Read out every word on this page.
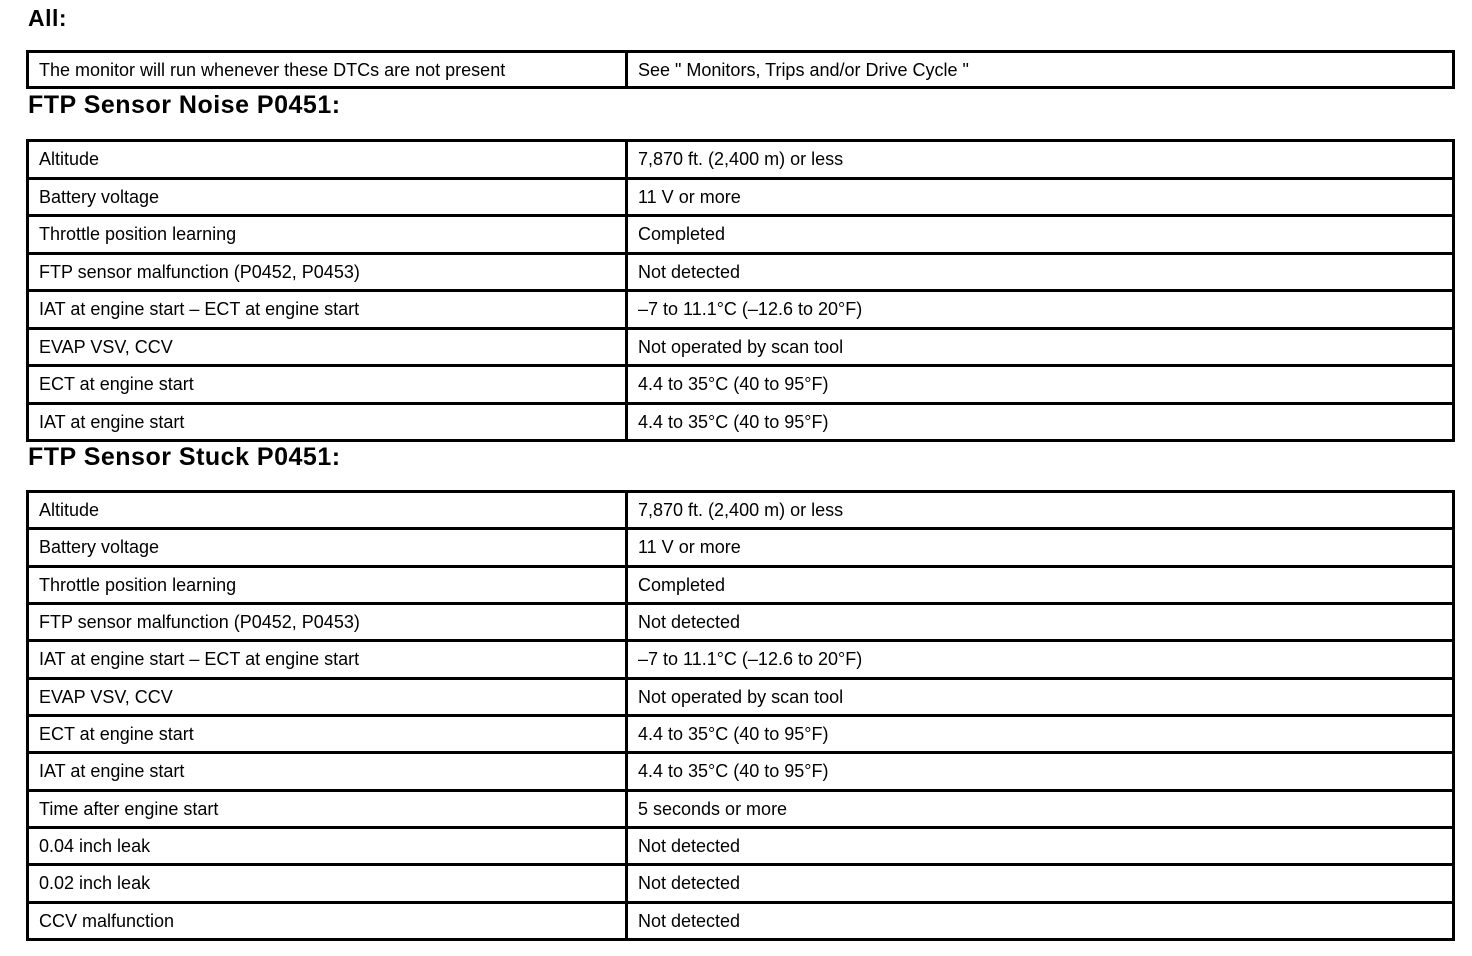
All:
The monitor will run whenever these DTCs are not present	See " Monitors, Trips and/or Drive Cycle "
FTP Sensor Noise P0451:
Altitude	7,870 ft. (2,400 m) or less
Battery voltage	11 V or more
Throttle position learning	Completed
FTP sensor malfunction (P0452, P0453)	Not detected
IAT at engine start – ECT at engine start	–7 to 11.1°C (–12.6 to 20°F)
EVAP VSV, CCV	Not operated by scan tool
ECT at engine start	4.4 to 35°C (40 to 95°F)
IAT at engine start	4.4 to 35°C (40 to 95°F)
FTP Sensor Stuck P0451:
Altitude	7,870 ft. (2,400 m) or less
Battery voltage	11 V or more
Throttle position learning	Completed
FTP sensor malfunction (P0452, P0453)	Not detected
IAT at engine start – ECT at engine start	–7 to 11.1°C (–12.6 to 20°F)
EVAP VSV, CCV	Not operated by scan tool
ECT at engine start	4.4 to 35°C (40 to 95°F)
IAT at engine start	4.4 to 35°C (40 to 95°F)
Time after engine start	5 seconds or more
0.04 inch leak	Not detected
0.02 inch leak	Not detected
CCV malfunction	Not detected
